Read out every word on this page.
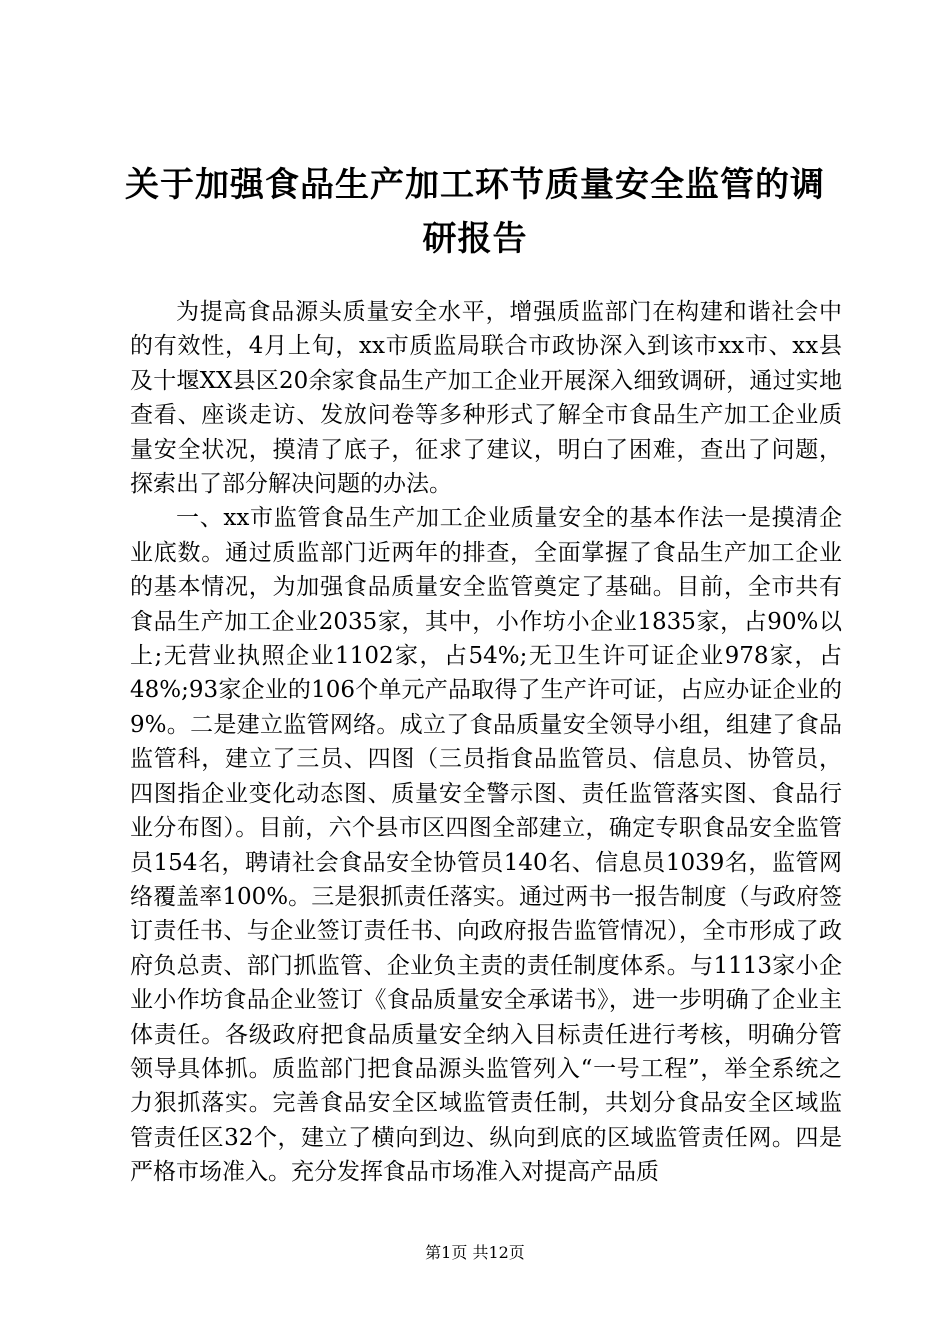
关于加强食品生产加工环节质量安全监管的调研报告

为提高食品源头质量安全水平，增强质监部门在构建和谐社会中的有效性，4月上旬，xx市质监局联合市政协深入到该市xx市、xx县及十堰XX县区20余家食品生产加工企业开展深入细致调研，通过实地查看、座谈走访、发放问卷等多种形式了解全市食品生产加工企业质量安全状况，摸清了底子，征求了建议，明白了困难，查出了问题，探索出了部分解决问题的办法。

一、xx市监管食品生产加工企业质量安全的基本作法一是摸清企业底数。通过质监部门近两年的排查，全面掌握了食品生产加工企业的基本情况，为加强食品质量安全监管奠定了基础。目前，全市共有食品生产加工企业2035家，其中，小作坊小企业1835家，占90%以上;无营业执照企业1102家，占54%;无卫生许可证企业978家，占48%;93家企业的106个单元产品取得了生产许可证，占应办证企业的9%。二是建立监管网络。成立了食品质量安全领导小组，组建了食品监管科，建立了三员、四图（三员指食品监管员、信息员、协管员，四图指企业变化动态图、质量安全警示图、责任监管落实图、食品行业分布图）。目前，六个县市区四图全部建立，确定专职食品安全监管员154名，聘请社会食品安全协管员140名、信息员1039名，监管网络覆盖率100%。三是狠抓责任落实。通过两书一报告制度（与政府签订责任书、与企业签订责任书、向政府报告监管情况），全市形成了政府负总责、部门抓监管、企业负主责的责任制度体系。与1113家小企业小作坊食品企业签订《食品质量安全承诺书》，进一步明确了企业主体责任。各级政府把食品质量安全纳入目标责任进行考核，明确分管领导具体抓。质监部门把食品源头监管列入“一号工程”，举全系统之力狠抓落实。完善食品安全区域监管责任制，共划分食品安全区域监管责任区32个，建立了横向到边、纵向到底的区域监管责任网。四是严格市场准入。充分发挥食品市场准入对提高产品质

第1页 共12页
